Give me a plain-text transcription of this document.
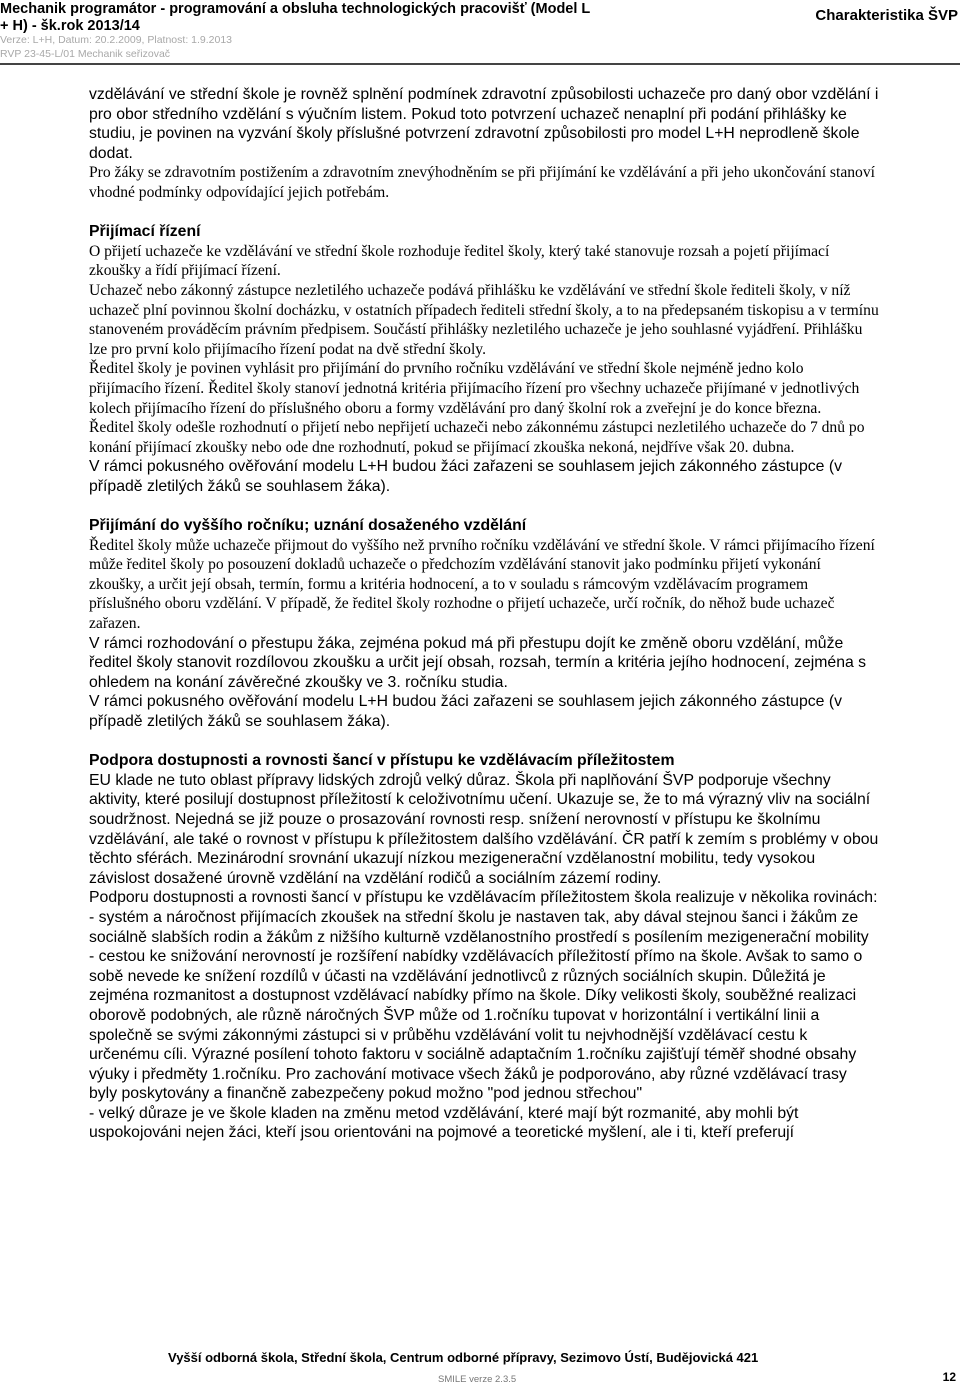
Mechanik programátor - programování a obsluha technologických pracovišť (Model L + H) - šk.rok 2013/14
Verze: L+H, Datum: 20.2.2009, Platnost: 1.9.2013
RVP 23-45-L/01 Mechanik seřizovač
Charakteristika ŠVP
vzdělávání ve střední škole je rovněž splnění podmínek zdravotní způsobilosti uchazeče pro daný obor vzdělání i pro obor středního vzdělání s výučním listem. Pokud toto potvrzení uchazeč nenaplní při podání přihlášky ke studiu, je povinen na vyzvání školy příslušné potvrzení zdravotní způsobilosti pro model L+H neprodleně škole dodat.
Pro žáky se zdravotním postižením a zdravotním znevýhodněním se při přijímání ke vzdělávání a při jeho ukončování stanoví vhodné podmínky odpovídající jejich potřebám.
Přijímací řízení
O přijetí uchazeče ke vzdělávání ve střední škole rozhoduje ředitel školy, který také stanovuje rozsah a pojetí přijímací zkoušky a řídí přijímací řízení.
Uchazeč nebo zákonný zástupce nezletilého uchazeče podává přihlášku ke vzdělávání ve střední škole řediteli školy, v níž uchazeč plní povinnou školní docházku, v ostatních případech řediteli střední školy, a to na předepsaném tiskopisu a v termínu stanoveném prováděcím právním předpisem. Součástí přihlášky nezletilého uchazeče je jeho souhlasné vyjádření. Přihlášku lze pro první kolo přijímacího řízení podat na dvě střední školy.
Ředitel školy je povinen vyhlásit pro přijímání do prvního ročníku vzdělávání ve střední škole nejméně jedno kolo přijímacího řízení. Ředitel školy stanoví jednotná kritéria přijímacího řízení pro všechny uchazeče přijímané v jednotlivých kolech přijímacího řízení do příslušného oboru a formy vzdělávání pro daný školní rok a zveřejní je do konce března.
Ředitel školy odešle rozhodnutí o přijetí nebo nepřijetí uchazeči nebo zákonnému zástupci nezletilého uchazeče do 7 dnů po konání přijímací zkoušky nebo ode dne rozhodnutí, pokud se přijímací zkouška nekoná, nejdříve však 20. dubna.
V rámci pokusného ověřování modelu L+H budou žáci zařazeni se souhlasem jejich zákonného zástupce (v případě zletilých žáků se souhlasem žáka).
Přijímání do vyššího ročníku; uznání dosaženého vzdělání
Ředitel školy může uchazeče přijmout do vyššího než prvního ročníku vzdělávání ve střední škole. V rámci přijímacího řízení může ředitel školy po posouzení dokladů uchazeče o předchozím vzdělávání stanovit jako podmínku přijetí vykonání zkoušky, a určit její obsah, termín, formu a kritéria hodnocení, a to v souladu s rámcovým vzdělávacím programem příslušného oboru vzdělání. V případě, že ředitel školy rozhodne o přijetí uchazeče, určí ročník, do něhož bude uchazeč zařazen.
V rámci rozhodování o přestupu žáka, zejména pokud má při přestupu dojít ke změně oboru vzdělání, může ředitel školy stanovit rozdílovou zkoušku a určit její obsah, rozsah, termín a kritéria jejího hodnocení, zejména s ohledem na konání závěrečné zkoušky ve 3. ročníku studia.
V rámci pokusného ověřování modelu L+H budou žáci zařazeni se souhlasem jejich zákonného zástupce (v případě zletilých žáků se souhlasem žáka).
Podpora dostupnosti a rovnosti šancí v přístupu ke vzdělávacím příležitostem
EU klade ne tuto oblast přípravy lidských zdrojů velký důraz. Škola při naplňování ŠVP podporuje všechny aktivity, které posilují dostupnost příležitostí k celoživotnímu učení. Ukazuje se, že to má výrazný vliv na sociální soudržnost. Nejedná se již pouze o prosazování rovnosti resp. snížení nerovností v přístupu ke školnímu vzdělávání, ale také o rovnost v přístupu k příležitostem dalšího vzdělávání. ČR patří k zemím s problémy v obou těchto sférách. Mezinárodní srovnání ukazují nízkou mezigenerační vzdělanostní mobilitu, tedy vysokou závislost dosažené úrovně vzdělání na vzdělání rodičů a sociálním zázemí rodiny.
Podporu dostupnosti a rovnosti šancí v přístupu ke vzdělávacím příležitostem škola realizuje v několika rovinách:
- systém a náročnost přijímacích zkoušek na střední školu je nastaven tak, aby dával stejnou šanci i žákům ze sociálně slabších rodin a žákům z nižšího kulturně vzdělanostního prostředí s posílením mezigenerační mobility
- cestou ke snižování nerovností je rozšíření nabídky vzdělávacích příležitostí přímo na škole. Avšak to samo o sobě nevede ke snížení rozdílů v účasti na vzdělávání jednotlivců z různých sociálních skupin. Důležitá je zejména rozmanitost a dostupnost vzdělávací nabídky přímo na škole. Díky velikosti školy, souběžné realizaci oborově podobných, ale různě náročných ŠVP může od 1.ročníku tupovat v horizontální i vertikální linii a společně se svými zákonnými zástupci si v průběhu vzdělávání volit tu nejvhodnější vzdělávací cestu k určenému cíli. Výrazné posílení tohoto faktoru v sociálně adaptačním 1.ročníku zajišťují téměř shodné obsahy výuky i předměty 1.ročníku. Pro zachování motivace všech žáků je podporováno, aby různé vzdělávací trasy byly poskytovány a finančně zabezpečeny pokud možno "pod jednou střechou"
- velký důraze je ve škole kladen na změnu metod vzdělávání, které mají být rozmanité, aby mohli být uspokojováni nejen žáci, kteří jsou orientováni na pojmové a teoretické myšlení, ale i ti, kteří preferují
Vyšší odborná škola, Střední škola, Centrum odborné přípravy, Sezimovo Ústí, Budějovická 421
SMILE verze 2.3.5	12
